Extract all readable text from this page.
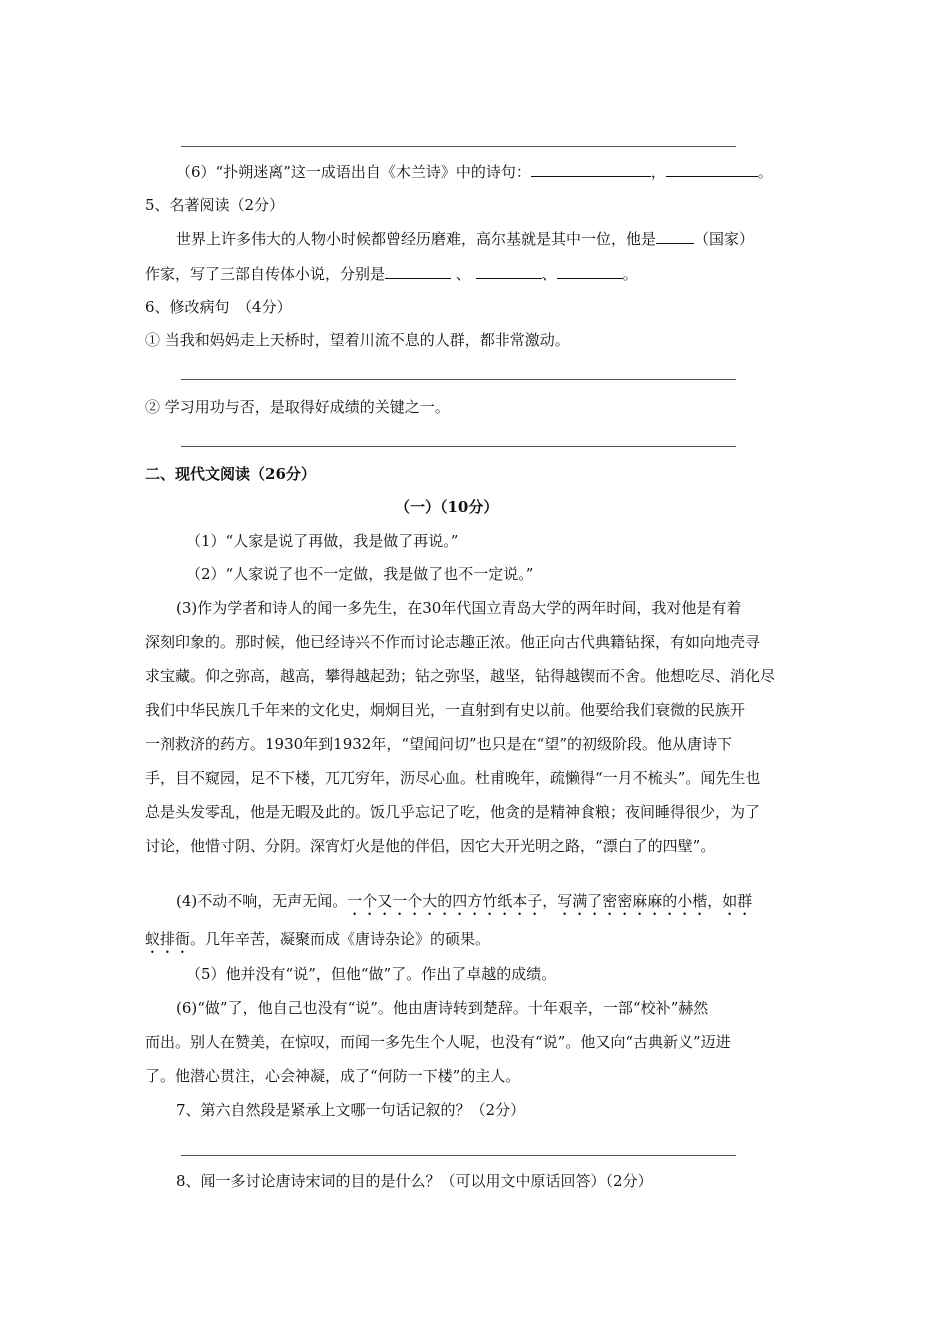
（6）“扑朔迷离”这一成语出自《木兰诗》中的诗句：	，	。
5、名著阅读（2分）
世界上许多伟大的人物小时候都曾经历磨难，高尔基就是其中一位，他是	（国家）
作家，写了三部自传体小说，分别是	、	、	。
6、修改病句　（4分）
① 当我和妈妈走上天桥时，望着川流不息的人群，都非常激动。
② 学习用功与否，是取得好成绩的关键之一。
二、现代文阅读（26分）
（一）（10分）
（1）“人家是说了再做，我是做了再说。”
（2）“人家说了也不一定做，我是做了也不一定说。”
(3)作为学者和诗人的闻一多先生，在30年代国立青岛大学的两年时间，我对他是有着
深刻印象的。那时候，他已经诗兴不作而讨论志趣正浓。他正向古代典籍钻探，有如向地壳寻
求宝藏。仰之弥高，越高，攀得越起劲；钻之弥坚，越坚，钻得越锲而不舍。他想吃尽、消化尽
我们中华民族几千年来的文化史，炯炯目光，一直射到有史以前。他要给我们衰微的民族开
一剂救济的药方。1930年到1932年，“望闻问切”也只是在“望”的初级阶段。他从唐诗下
手，目不窥园，足不下楼，兀兀穷年，沥尽心血。杜甫晚年，疏懒得“一月不梳头”。闻先生也
总是头发零乱，他是无暇及此的。饭几乎忘记了吃，他贪的是精神食粮；夜间睡得很少，为了
讨论，他惜寸阴、分阴。深宵灯火是他的伴侣，因它大开光明之路，“漂白了的四壁”。
(4)不动不响，无声无闻。一个又一个大的四方竹纸本子，写满了密密麻麻的小楷，如群
蚁排衙。几年辛苦，凝聚而成《唐诗杂论》的硕果。
（5）他并没有“说”，但他“做”了。作出了卓越的成绩。
(6)“做”了，他自己也没有“说”。他由唐诗转到楚辞。十年艰辛，一部“校补”赫然
而出。别人在赞美，在惊叹，而闻一多先生个人呢，也没有“说”。他又向“古典新义”迈进
了。他潜心贯注，心会神凝，成了“何防一下楼”的主人。
7、第六自然段是紧承上文哪一句话记叙的？（2分）
8、闻一多讨论唐诗宋词的目的是什么？（可以用文中原话回答）（2分）
